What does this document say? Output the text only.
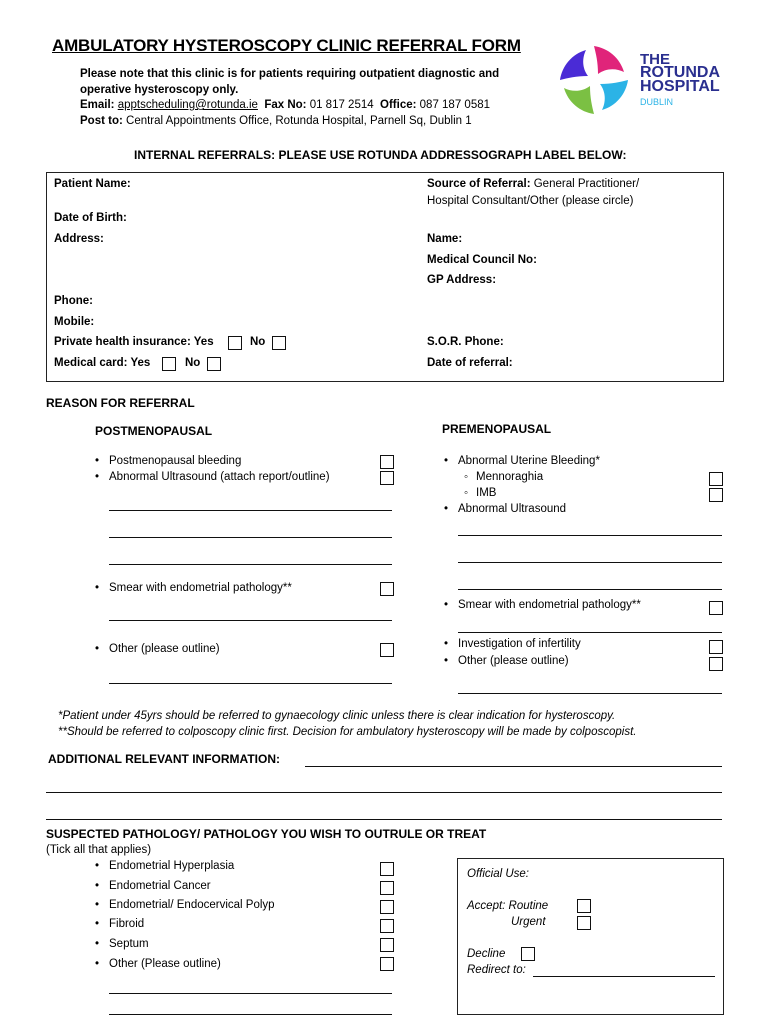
AMBULATORY HYSTEROSCOPY CLINIC REFERRAL FORM
Please note that this clinic is for patients requiring outpatient diagnostic and
operative hysteroscopy only.
Email: apptscheduling@rotunda.ie Fax No: 01 817 2514 Office: 087 187 0581
Post to: Central Appointments Office, Rotunda Hospital, Parnell Sq, Dublin 1
THE
ROTUNDA
HOSPITAL
DUBLIN
INTERNAL REFERRALS: PLEASE USE ROTUNDA ADDRESSOGRAPH LABEL BELOW:
Patient Name:
Date of Birth:
Address:
Phone:
Mobile:
Private health insurance: Yes	No
Medical card: Yes	No
Source of Referral: General Practitioner/
Hospital Consultant/Other (please circle)
Name:
Medical Council No:
GP Address:
S.O.R. Phone:
Date of referral:
REASON FOR REFERRAL
POSTMENOPAUSAL	PREMENOPAUSAL
• Postmenopausal bleeding
• Abnormal Ultrasound (attach report/outline)
• Smear with endometrial pathology**
• Other (please outline)
• Abnormal Uterine Bleeding*
◦ Mennoraghia
◦ IMB
• Abnormal Ultrasound
• Smear with endometrial pathology**
• Investigation of infertility
• Other (please outline)
*Patient under 45yrs should be referred to gynaecology clinic unless there is clear indication for hysteroscopy.
**Should be referred to colposcopy clinic first. Decision for ambulatory hysteroscopy will be made by colposcopist.
ADDITIONAL RELEVANT INFORMATION:
SUSPECTED PATHOLOGY/ PATHOLOGY YOU WISH TO OUTRULE OR TREAT
(Tick all that applies)
• Endometrial Hyperplasia
• Endometrial Cancer
• Endometrial/ Endocervical Polyp
• Fibroid
• Septum
• Other (Please outline)
Official Use:
Accept: Routine
Urgent
Decline
Redirect to:
